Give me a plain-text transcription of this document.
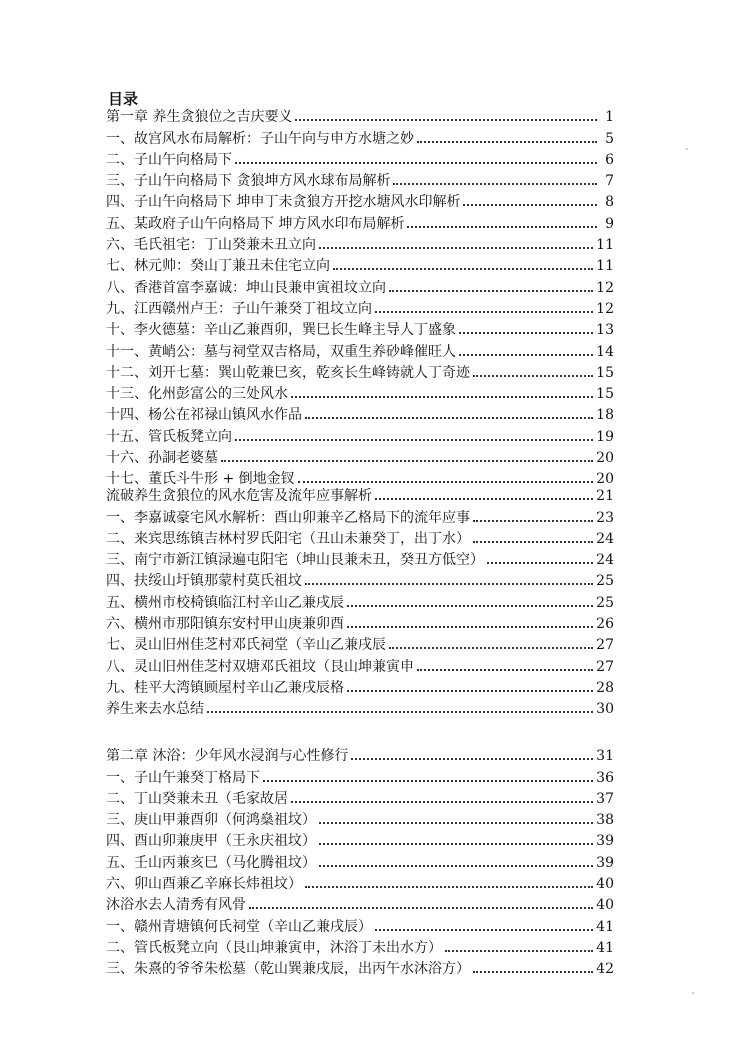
目录
第一章 养生贪狼位之吉庆要义	1
一、故宫风水布局解析：子山午向与申方水塘之妙	5
二、子山午向格局下	6
三、子山午向格局下 贪狼坤方风水球布局解析	7
四、子山午向格局下 坤申丁未贪狼方开挖水塘风水印解析	8
五、某政府子山午向格局下 坤方风水印布局解析	9
六、毛氏祖宅：丁山癸兼未丑立向	11
七、林元帅：癸山丁兼丑未住宅立向	11
八、香港首富李嘉诚：坤山艮兼申寅祖坟立向	12
九、江西赣州卢王：子山午兼癸丁祖坟立向	12
十、李火德墓：辛山乙兼酉卯，巽巳长生峰主导人丁盛象	13
十一、黄峭公：墓与祠堂双吉格局，双重生养砂峰催旺人	14
十二、刘开七墓：巽山乾兼巳亥，乾亥长生峰铸就人丁奇迹	15
十三、化州彭富公的三处风水	15
十四、杨公在祁禄山镇风水作品	18
十五、管氏板凳立向	19
十六、孙詷老婆墓	20
十七、董氏斗牛形 + 倒地金钗	20
流破养生贪狼位的风水危害及流年应事解析	21
一、李嘉诚豪宅风水解析：酉山卯兼辛乙格局下的流年应事	23
二、来宾思练镇吉林村罗氏阳宅（丑山未兼癸丁，出丁水）	24
三、南宁市新江镇渌遍屯阳宅（坤山艮兼未丑，癸丑方低空）	24
四、扶绥山圩镇那蒙村莫氏祖坟	25
五、横州市校椅镇临江村辛山乙兼戌辰	25
六、横州市那阳镇东安村甲山庚兼卯酉	26
七、灵山旧州佳芝村邓氏祠堂（辛山乙兼戌辰	27
八、灵山旧州佳芝村双塘邓氏祖坟（艮山坤兼寅申	27
九、桂平大湾镇顾屋村辛山乙兼戌辰格	28
养生来去水总结	30
第二章 沐浴：少年风水浸润与心性修行	31
一、子山午兼癸丁格局下	36
二、丁山癸兼未丑（毛家故居	37
三、庚山甲兼酉卯（何鸿燊祖坟）	38
四、酉山卯兼庚甲（王永庆祖坟）	39
五、壬山丙兼亥巳（马化腾祖坟）	39
六、卯山酉兼乙辛麻长炜祖坟）	40
沐浴水去人清秀有风骨	40
一、赣州青塘镇何氏祠堂（辛山乙兼戌辰）	41
二、管氏板凳立向（艮山坤兼寅申，沐浴丁未出水方）	41
三、朱熹的爷爷朱松墓（乾山巽兼戌辰，出丙午水沐浴方）	42
